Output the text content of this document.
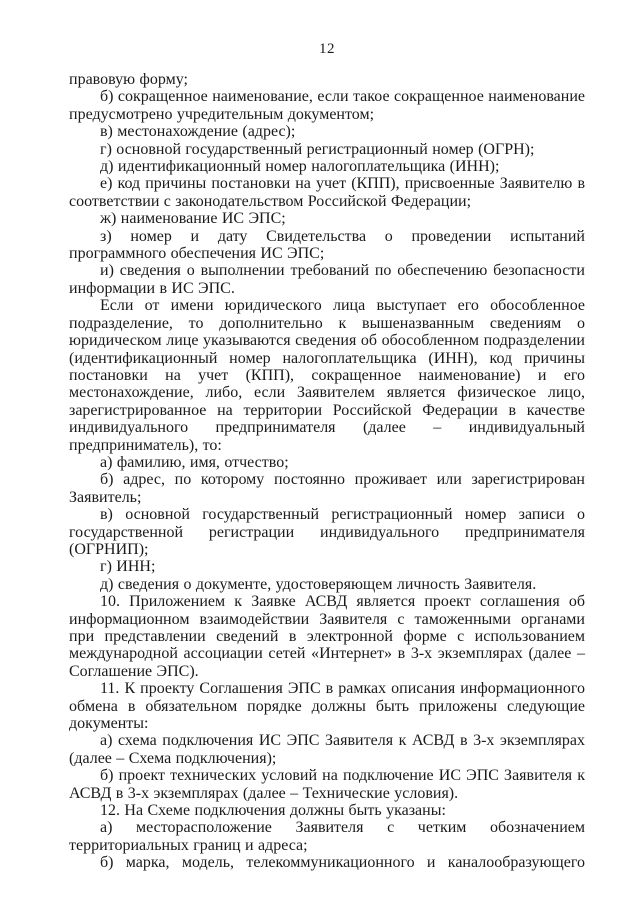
12

правовую форму;

б) сокращенное наименование, если такое сокращенное наименование предусмотрено учредительным документом;

в) местонахождение (адрес);

г) основной государственный регистрационный номер (ОГРН);

д) идентификационный номер налогоплательщика (ИНН);

е) код причины постановки на учет (КПП), присвоенные Заявителю в соответствии с законодательством Российской Федерации;

ж) наименование ИС ЭПС;

з) номер и дату Свидетельства о проведении испытаний программного обеспечения ИС ЭПС;

и) сведения о выполнении требований по обеспечению безопасности информации в ИС ЭПС.

Если от имени юридического лица выступает его обособленное подразделение, то дополнительно к вышеназванным сведениям о юридическом лице указываются сведения об обособленном подразделении (идентификационный номер налогоплательщика (ИНН), код причины постановки на учет (КПП), сокращенное наименование) и его местонахождение, либо, если Заявителем является физическое лицо, зарегистрированное на территории Российской Федерации в качестве индивидуального предпринимателя (далее – индивидуальный предприниматель), то:

а) фамилию, имя, отчество;

б) адрес, по которому постоянно проживает или зарегистрирован Заявитель;

в) основной государственный регистрационный номер записи о государственной регистрации индивидуального предпринимателя (ОГРНИП);

г) ИНН;

д) сведения о документе, удостоверяющем личность Заявителя.

10. Приложением к Заявке АСВД является проект соглашения об информационном взаимодействии Заявителя с таможенными органами при представлении сведений в электронной форме с использованием международной ассоциации сетей «Интернет» в 3-х экземплярах (далее – Соглашение ЭПС).

11. К проекту Соглашения ЭПС в рамках описания информационного обмена в обязательном порядке должны быть приложены следующие документы:

а) схема подключения ИС ЭПС Заявителя к АСВД в 3-х экземплярах (далее – Схема подключения);

б) проект технических условий на подключение ИС ЭПС Заявителя к АСВД в 3-х экземплярах (далее – Технические условия).

12. На Схеме подключения должны быть указаны:

а) месторасположение Заявителя с четким обозначением территориальных границ и адреса;

б) марка, модель, телекоммуникационного и каналообразующего
